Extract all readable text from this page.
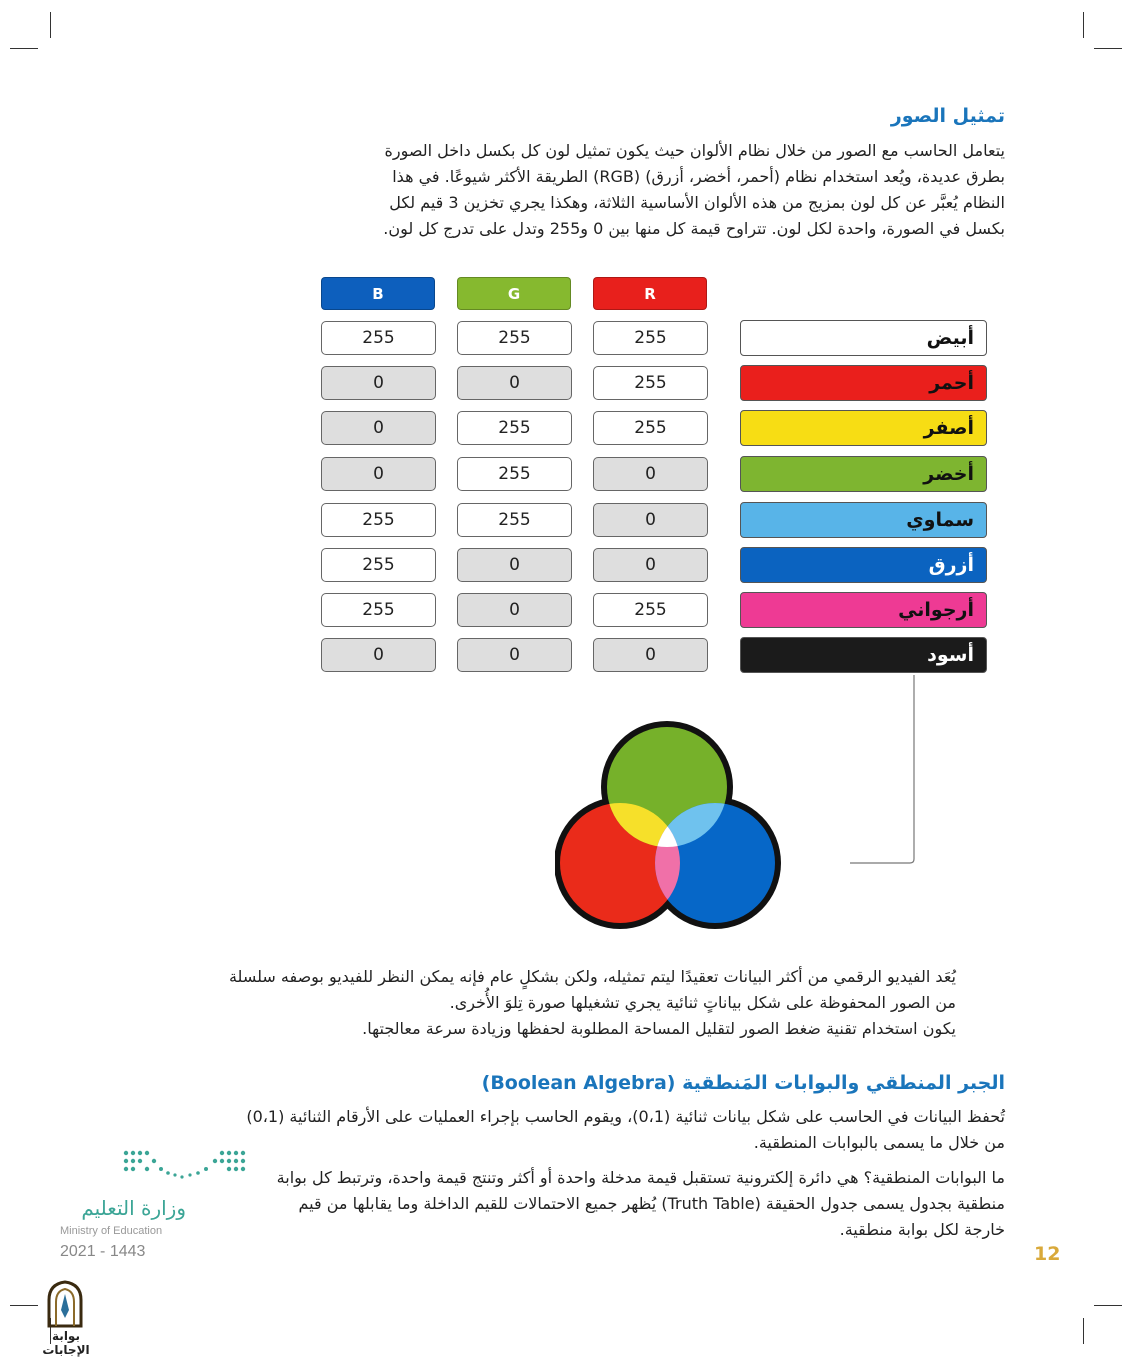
تمثيل الصور
يتعامل الحاسب مع الصور من خلال نظام الألوان حيث يكون تمثيل لون كل بكسل داخل الصورة
بطرق عديدة، ويُعد استخدام نظام (أحمر، أخضر، أزرق) (RGB) الطريقة الأكثر شيوعًا. في هذا
النظام يُعبَّر عن كل لون بمزيج من هذه الألوان الأساسية الثلاثة، وهكذا يجري تخزين 3 قيم لكل
بكسل في الصورة، واحدة لكل لون. تتراوح قيمة كل منها بين 0 و255 وتدل على تدرج كل لون.
B	G	R
255	255	255	أبيض
0	0	255	أحمر
0	255	255	أصفر
0	255	0	أخضر
255	255	0	سماوي
255	0	0	أزرق
255	0	255	أرجواني
0	0	0	أسود
يُعَد الفيديو الرقمي من أكثر البيانات تعقيدًا ليتم تمثيله، ولكن بشكلٍ عام فإنه يمكن النظر للفيديو بوصفه سلسلة
من الصور المحفوظة على شكل بياناتٍ ثنائية يجري تشغيلها صورة تِلوَ الأُخرى.
يكون استخدام تقنية ضغط الصور لتقليل المساحة المطلوبة لحفظها وزيادة سرعة معالجتها.
الجبر المنطقي والبوابات المَنطقية (Boolean Algebra)
تُحفظ البيانات في الحاسب على شكل بيانات ثنائية (0،1)، ويقوم الحاسب بإجراء العمليات على الأرقام الثنائية (0،1)
من خلال ما يسمى بالبوابات المنطقية.
ما البوابات المنطقية؟ هي دائرة إلكترونية تستقبل قيمة مدخلة واحدة أو أكثر وتنتج قيمة واحدة، وترتبط كل بوابة
منطقية بجدول يسمى جدول الحقيقة (Truth Table) يُظهر جميع الاحتمالات للقيم الداخلة وما يقابلها من قيم
خارجة لكل بوابة منطقية.
12
وزارة التعليم
Ministry of Education
2021 - 1443
بوابة الإجابات
